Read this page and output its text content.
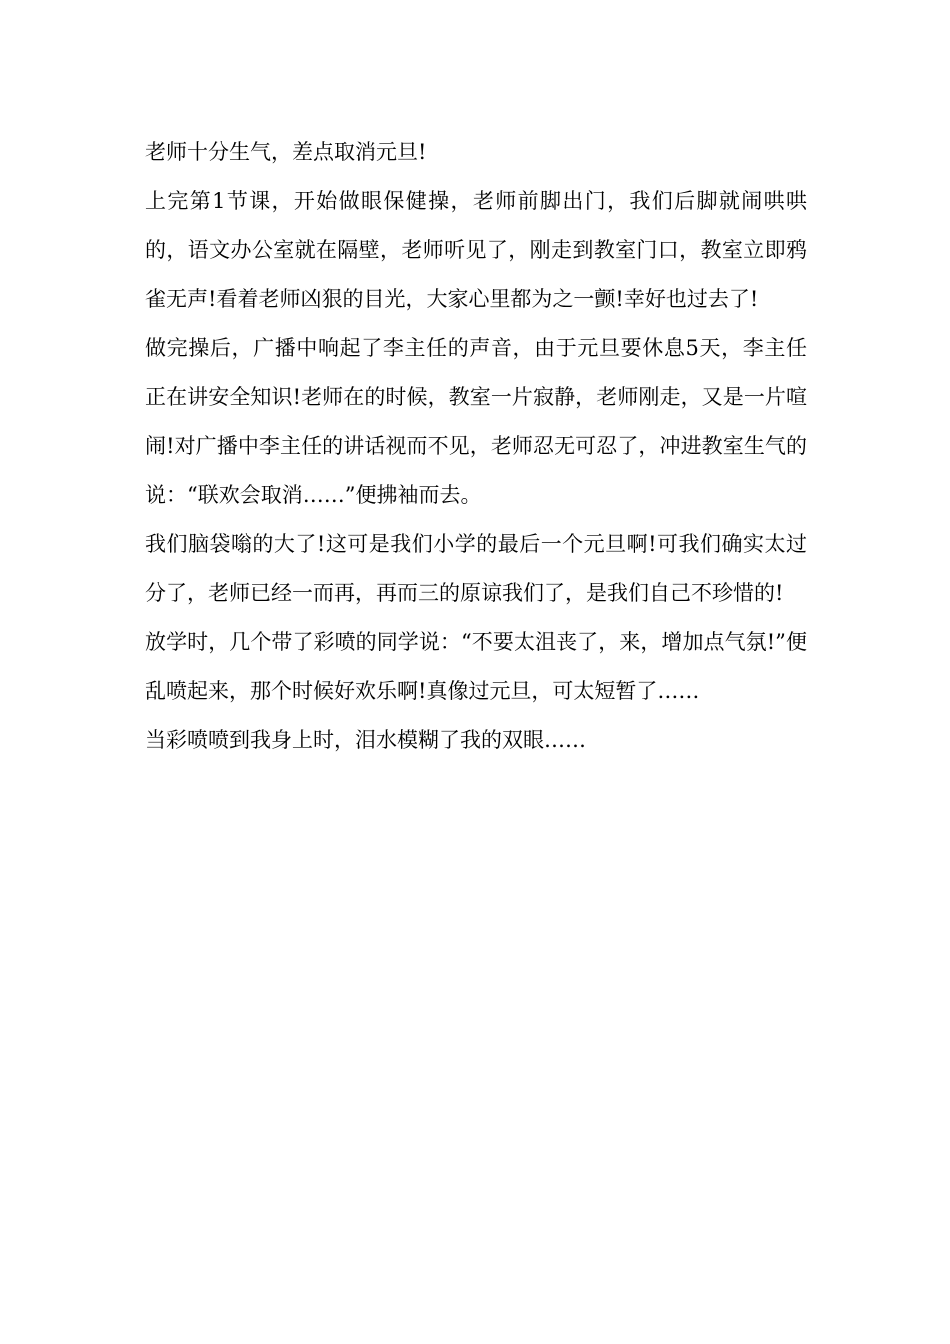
老师十分生气，差点取消元旦!

上完第1节课，开始做眼保健操，老师前脚出门，我们后脚就闹哄哄的，语文办公室就在隔壁，老师听见了，刚走到教室门口，教室立即鸦雀无声!看着老师凶狠的目光，大家心里都为之一颤!幸好也过去了!

做完操后，广播中响起了李主任的声音，由于元旦要休息5天，李主任正在讲安全知识!老师在的时候，教室一片寂静，老师刚走，又是一片喧闹!对广播中李主任的讲话视而不见，老师忍无可忍了，冲进教室生气的说：“联欢会取消……”便拂袖而去。

我们脑袋嗡的大了!这可是我们小学的最后一个元旦啊!可我们确实太过分了，老师已经一而再，再而三的原谅我们了，是我们自己不珍惜的!

放学时，几个带了彩喷的同学说：“不要太沮丧了，来，增加点气氛!”便乱喷起来，那个时候好欢乐啊!真像过元旦，可太短暂了……

当彩喷喷到我身上时，泪水模糊了我的双眼……
